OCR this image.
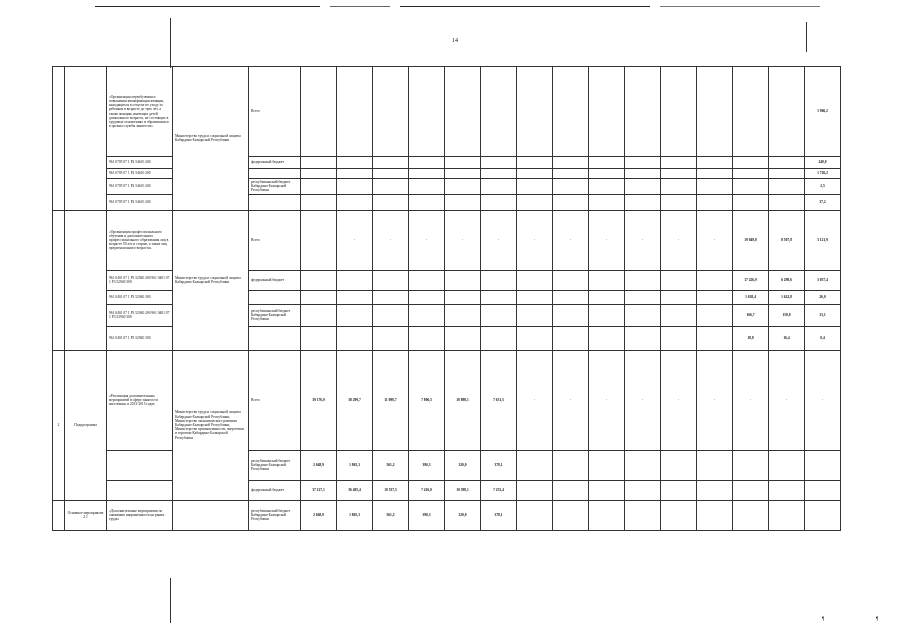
14
		«Организация переобучения и повышения квалификации женщин, находящихся в отпуске по уходу за ребенком в возрасте до трех лет, а также женщин, имеющих детей дошкольного возраста, не состоящих в трудовых отношениях и обратившихся в органы службы занятости»	Министерство труда и социальной защиты Кабардино-Балкарской Республики	Всего															1 966,2
		961 0705 07 1 P2 54610 200		федеральный бюджет															240,0
		961 0705 07 1 P2 54610 200																	1 726,2
		961 0705 07 1 P2 54610 200		республиканский бюджет Кабардино-Балкарской Республики															2,5
		961 0705 07 1 P2 54610 200																	37,2
		«Организация профессионального обучения и дополнительного профессионального образования лиц в возрасте 50 лет и старше, а также лиц предпенсионного возраста»	Министерство труда и социальной защиты Кабардино-Балкарской Республики	Всего		-	-	-	-	-	-	-	-	-	-	-	19 049,8	8 507,8	3 121,9
		961 0401 07 1 P3 52940 200 961 0401 07 1 P3 52940 300		федеральный бюджет													17 226,9	6 298,6	3 057,4
		961 0401 07 1 P3 52940 300															1 638,4	1 622,8	26,0
		961 0401 07 1 P3 52940 200 961 0401 07 1 P3 52940 300		республиканский бюджет Кабардино-Балкарской Республики													166,7	150,0	33,1
		961 0401 07 1 P3 52940 300															18,8	16,4	0,4
2	Подпрограмма	«Реализация дополнительных мероприятий в сфере занятости населения» в 2013-2015 годах	Министерство труда и социальной защиты Кабардино-Балкарской Республики, Министерство экономического развития Кабардино-Балкарской Республики, Министерство промышленности, энергетики и торговли Кабардино-Балкарской Республики	Всего	39 176,0	38 299,7	11 098,7	7 806,5	10 898,1	7 631,5	-	-	-	-	-	-	-	-	-
				республиканский бюджет Кабардино-Балкарской Республики	2 048,9	1 865,3	561,2	390,3	320,0	378,1									
				федеральный бюджет	37 127,1	36 405,4	10 537,5	7 416,0	10 598,1	7 253,4									
	Основное мероприятие 2.1	«Дополнительные мероприятия по снижению напряженности на рынке труда»		республиканский бюджет Кабардино-Балкарской Республики	2 048,9	1 865,3	561,2	390,3	320,0	378,1									
¶	¶
